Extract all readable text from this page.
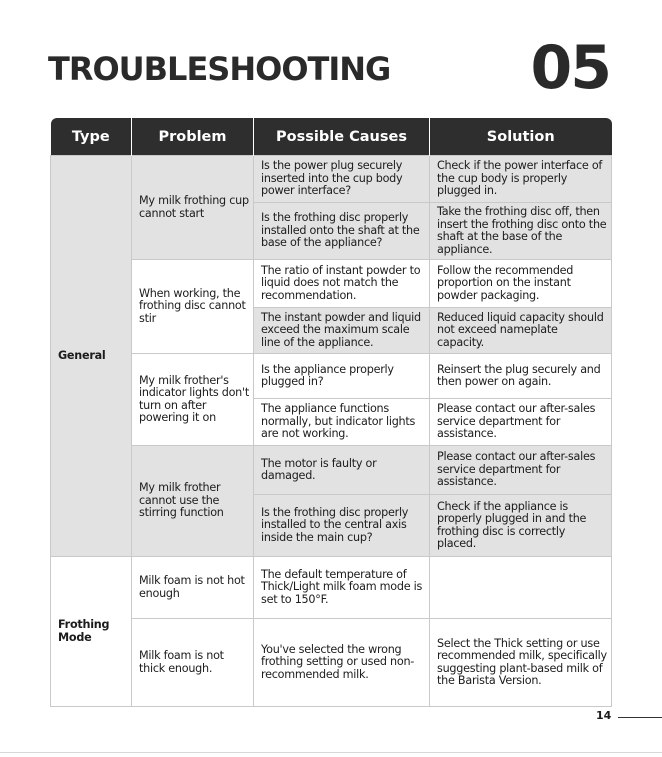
TROUBLESHOOTING 05
Type	Problem	Possible Causes	Solution
General	My milk frothing cup cannot start	Is the power plug securely inserted into the cup body power interface?	Check if the power interface of the cup body is properly plugged in.
		Is the frothing disc properly installed onto the shaft at the base of the appliance?	Take the frothing disc off, then insert the frothing disc onto the shaft at the base of the appliance.
	When working, the frothing disc cannot stir	The ratio of instant powder to liquid does not match the recommendation.	Follow the recommended proportion on the instant powder packaging.
		The instant powder and liquid exceed the maximum scale line of the appliance.	Reduced liquid capacity should not exceed nameplate capacity.
	My milk frother's indicator lights don't turn on after powering it on	Is the appliance properly plugged in?	Reinsert the plug securely and then power on again.
		The appliance functions normally, but indicator lights are not working.	Please contact our after-sales service department for assistance.
	My milk frother cannot use the stirring function	The motor is faulty or damaged.	Please contact our after-sales service department for assistance.
		Is the frothing disc properly installed to the central axis inside the main cup?	Check if the appliance is properly plugged in and the frothing disc is correctly placed.
Frothing Mode	Milk foam is not hot enough	The default temperature of Thick/Light milk foam mode is set to 150°F.	
	Milk foam is not thick enough.	You've selected the wrong frothing setting or used non-recommended milk.	Select the Thick setting or use recommended milk, specifically suggesting plant-based milk of the Barista Version.
14
